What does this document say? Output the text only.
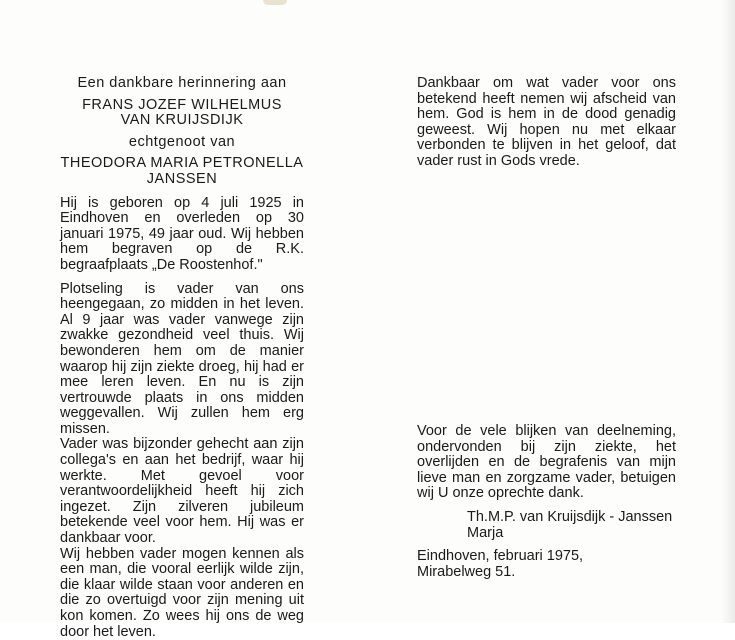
Een dankbare herinnering aan
FRANS JOZEF WILHELMUS
VAN KRUIJSDIJK
echtgenoot van
THEODORA MARIA PETRONELLA
JANSSEN
Hij is geboren op 4 juli 1925 in Eindhoven en overleden op 30 januari 1975, 49 jaar oud. Wij hebben hem begraven op de R.K. begraafplaats „De Roostenhof."
Plotseling is vader van ons heengegaan, zo midden in het leven. Al 9 jaar was vader vanwege zijn zwakke gezondheid veel thuis. Wij bewonderen hem om de manier waarop hij zijn ziekte droeg, hij had er mee leren leven. En nu is zijn vertrouwde plaats in ons midden weggevallen. Wij zullen hem erg missen.
Vader was bijzonder gehecht aan zijn collega's en aan het bedrijf, waar hij werkte. Met gevoel voor verantwoordelijkheid heeft hij zich ingezet. Zijn zilveren jubileum betekende veel voor hem. Hij was er dankbaar voor.
Wij hebben vader mogen kennen als een man, die vooral eerlijk wilde zijn, die klaar wilde staan voor anderen en die zo overtuigd voor zijn mening uit kon komen. Zo wees hij ons de weg door het leven.
Dankbaar om wat vader voor ons betekend heeft nemen wij afscheid van hem. God is hem in de dood genadig geweest. Wij hopen nu met elkaar verbonden te blijven in het geloof, dat vader rust in Gods vrede.
Voor de vele blijken van deelneming, ondervonden bij zijn ziekte, het overlijden en de begrafenis van mijn lieve man en zorgzame vader, betuigen wij U onze oprechte dank.
Th.M.P. van Kruijsdijk - Janssen
Marja
Eindhoven, februari 1975,
Mirabelweg 51.
